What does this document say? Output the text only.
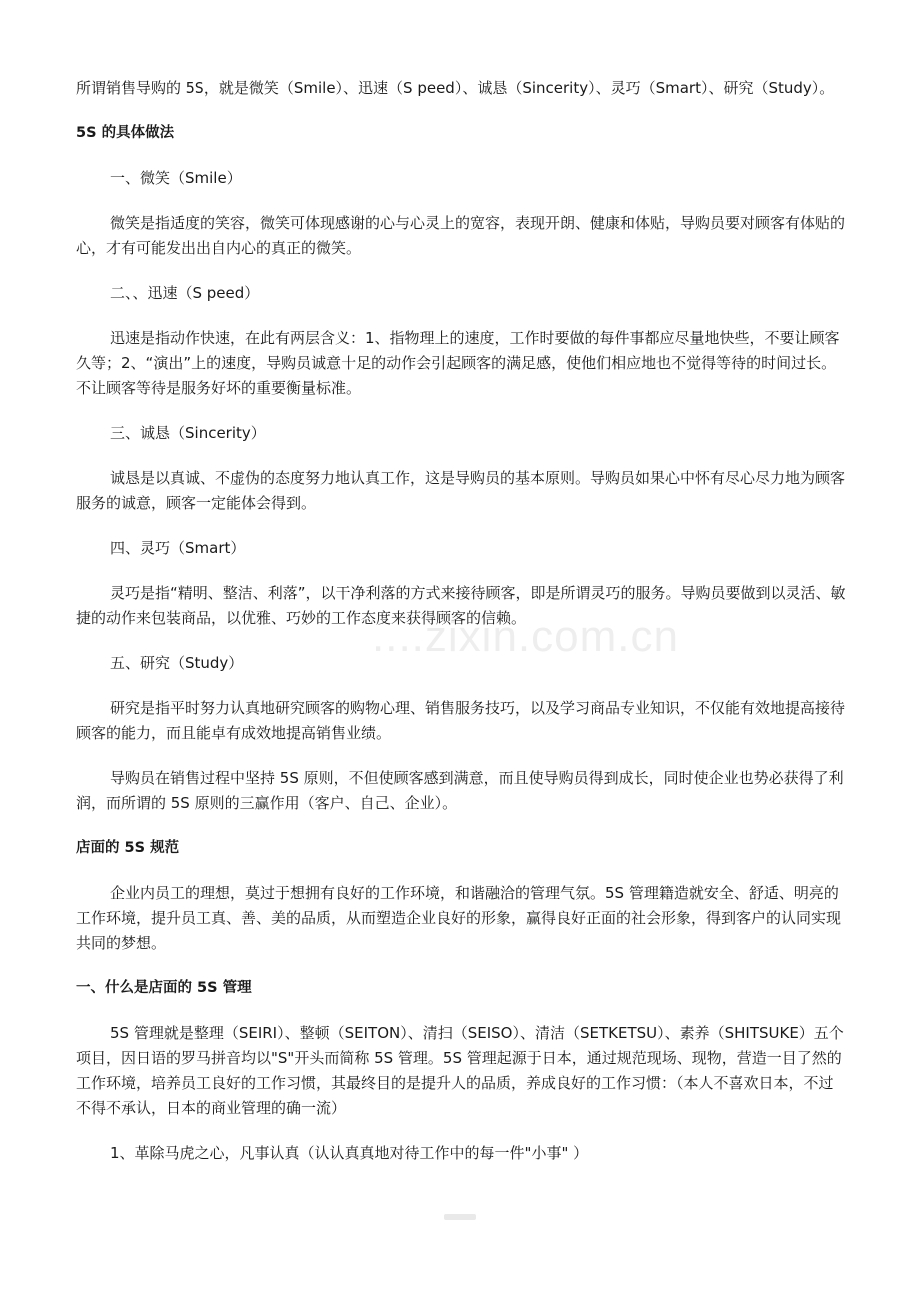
所谓销售导购的 5S，就是微笑（Smile）、迅速（S peed）、诚恳（Sincerity）、灵巧（Smart）、研究（Study）。

5S 的具体做法

一、微笑（Smile）

微笑是指适度的笑容，微笑可体现感谢的心与心灵上的宽容，表现开朗、健康和体贴，导购员要对顾客有体贴的心，才有可能发出出自内心的真正的微笑。

二、、迅速（S peed）

迅速是指动作快速，在此有两层含义：1、指物理上的速度，工作时要做的每件事都应尽量地快些，不要让顾客久等；2、“演出”上的速度，导购员诚意十足的动作会引起顾客的满足感，使他们相应地也不觉得等待的时间过长。不让顾客等待是服务好坏的重要衡量标准。

三、诚恳（Sincerity）

诚恳是以真诚、不虚伪的态度努力地认真工作，这是导购员的基本原则。导购员如果心中怀有尽心尽力地为顾客服务的诚意，顾客一定能体会得到。

四、灵巧（Smart）

灵巧是指“精明、整洁、利落”，以干净利落的方式来接待顾客，即是所谓灵巧的服务。导购员要做到以灵活、敏捷的动作来包装商品，以优雅、巧妙的工作态度来获得顾客的信赖。

五、研究（Study）

研究是指平时努力认真地研究顾客的购物心理、销售服务技巧，以及学习商品专业知识，不仅能有效地提高接待顾客的能力，而且能卓有成效地提高销售业绩。

导购员在销售过程中坚持 5S 原则，不但使顾客感到满意，而且使导购员得到成长，同时使企业也势必获得了利润，而所谓的 5S 原则的三赢作用（客户、自己、企业）。

店面的 5S 规范

企业内员工的理想，莫过于想拥有良好的工作环境，和谐融洽的管理气氛。5S 管理籍造就安全、舒适、明亮的工作环境，提升员工真、善、美的品质，从而塑造企业良好的形象，赢得良好正面的社会形象，得到客户的认同实现共同的梦想。

一、什么是店面的 5S 管理

5S 管理就是整理（SEIRI）、整顿（SEITON）、清扫（SEISO）、清洁（SETKETSU）、素养（SHITSUKE）五个项目，因日语的罗马拼音均以"S"开头而简称 5S 管理。5S 管理起源于日本，通过规范现场、现物，营造一目了然的工作环境，培养员工良好的工作习惯，其最终目的是提升人的品质，养成良好的工作习惯：（本人不喜欢日本，不过不得不承认，日本的商业管理的确一流）

1、革除马虎之心，凡事认真（认认真真地对待工作中的每一件"小事" ）

....zixin.com.cn
